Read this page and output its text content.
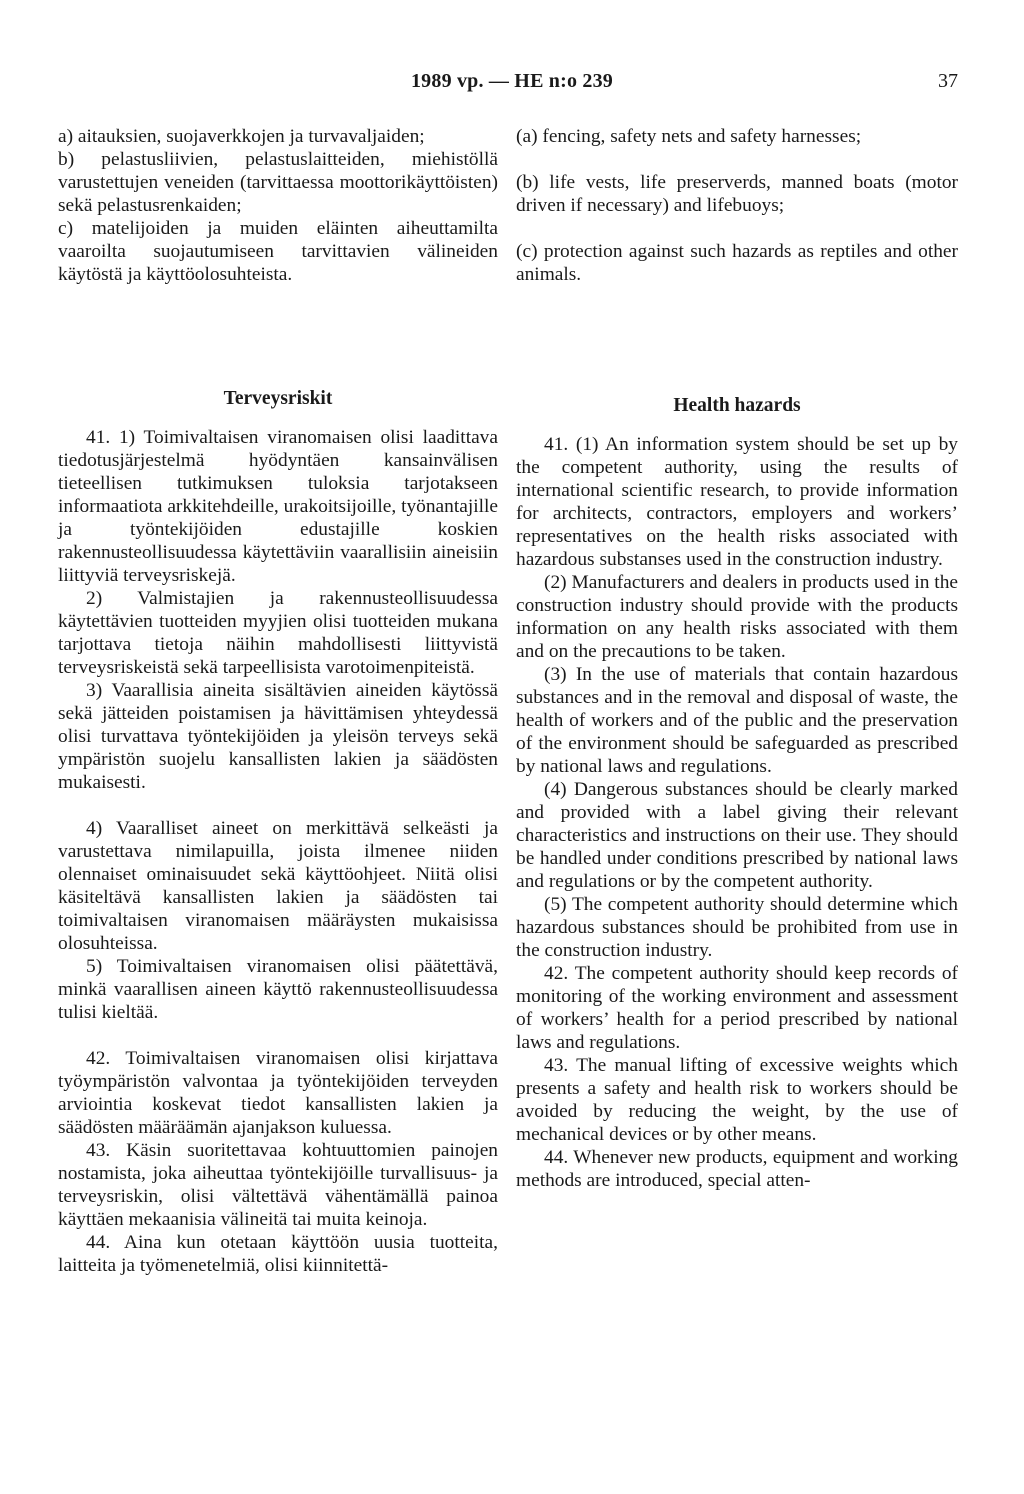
1989 vp. — HE n:o 239	37

a) aitauksien, suojaverkkojen ja turvavaljaiden;

b) pelastusliivien, pelastuslaitteiden, miehistöllä varustettujen veneiden (tarvittaessa moottorikäyttöisten) sekä pelastusrenkaiden;

c) matelijoiden ja muiden eläinten aiheuttamilta vaaroilta suojautumiseen tarvittavien välineiden käytöstä ja käyttöolosuhteista.

(a) fencing, safety nets and safety harnesses;

(b) life vests, life preserverds, manned boats (motor driven if necessary) and lifebuoys;

(c) protection against such hazards as reptiles and other animals.

Terveysriskit

41. 1) Toimivaltaisen viranomaisen olisi laadittava tiedotusjärjestelmä hyödyntäen kansainvälisen tieteellisen tutkimuksen tuloksia tarjotakseen informaatiota arkkitehdeille, urakoitsijoille, työnantajille ja työntekijöiden edustajille koskien rakennusteollisuudessa käytettäviin vaarallisiin aineisiin liittyviä terveysriskejä.

2) Valmistajien ja rakennusteollisuudessa käytettävien tuotteiden myyjien olisi tuotteiden mukana tarjottava tietoja näihin mahdollisesti liittyvistä terveysriskeistä sekä tarpeellisista varotoimenpiteistä.

3) Vaarallisia aineita sisältävien aineiden käytössä sekä jätteiden poistamisen ja hävittämisen yhteydessä olisi turvattava työntekijöiden ja yleisön terveys sekä ympäristön suojelu kansallisten lakien ja säädösten mukaisesti.

4) Vaaralliset aineet on merkittävä selkeästi ja varustettava nimilapuilla, joista ilmenee niiden olennaiset ominaisuudet sekä käyttöohjeet. Niitä olisi käsiteltävä kansallisten lakien ja säädösten tai toimivaltaisen viranomaisen määräysten mukaisissa olosuhteissa.

5) Toimivaltaisen viranomaisen olisi päätettävä, minkä vaarallisen aineen käyttö rakennusteollisuudessa tulisi kieltää.

42. Toimivaltaisen viranomaisen olisi kirjattava työympäristön valvontaa ja työntekijöiden terveyden arviointia koskevat tiedot kansallisten lakien ja säädösten määräämän ajanjakson kuluessa.

43. Käsin suoritettavaa kohtuuttomien painojen nostamista, joka aiheuttaa työntekijöille turvallisuus- ja terveysriskin, olisi vältettävä vähentämällä painoa käyttäen mekaanisia välineitä tai muita keinoja.

44. Aina kun otetaan käyttöön uusia tuotteita, laitteita ja työmenetelmiä, olisi kiinnitettä-

Health hazards

41. (1) An information system should be set up by the competent authority, using the results of international scientific research, to provide information for architects, contractors, employers and workers’ representatives on the health risks associated with hazardous substanses used in the construction industry.

(2) Manufacturers and dealers in products used in the construction industry should provide with the products information on any health risks associated with them and on the precautions to be taken.

(3) In the use of materials that contain hazardous substances and in the removal and disposal of waste, the health of workers and of the public and the preservation of the environment should be safeguarded as prescribed by national laws and regulations.

(4) Dangerous substances should be clearly marked and provided with a label giving their relevant characteristics and instructions on their use. They should be handled under conditions prescribed by national laws and regulations or by the competent authority.

(5) The competent authority should determine which hazardous substances should be prohibited from use in the construction industry.

42. The competent authority should keep records of monitoring of the working environment and assessment of workers’ health for a period prescribed by national laws and regulations.

43. The manual lifting of excessive weights which presents a safety and health risk to workers should be avoided by reducing the weight, by the use of mechanical devices or by other means.

44. Whenever new products, equipment and working methods are introduced, special atten-
